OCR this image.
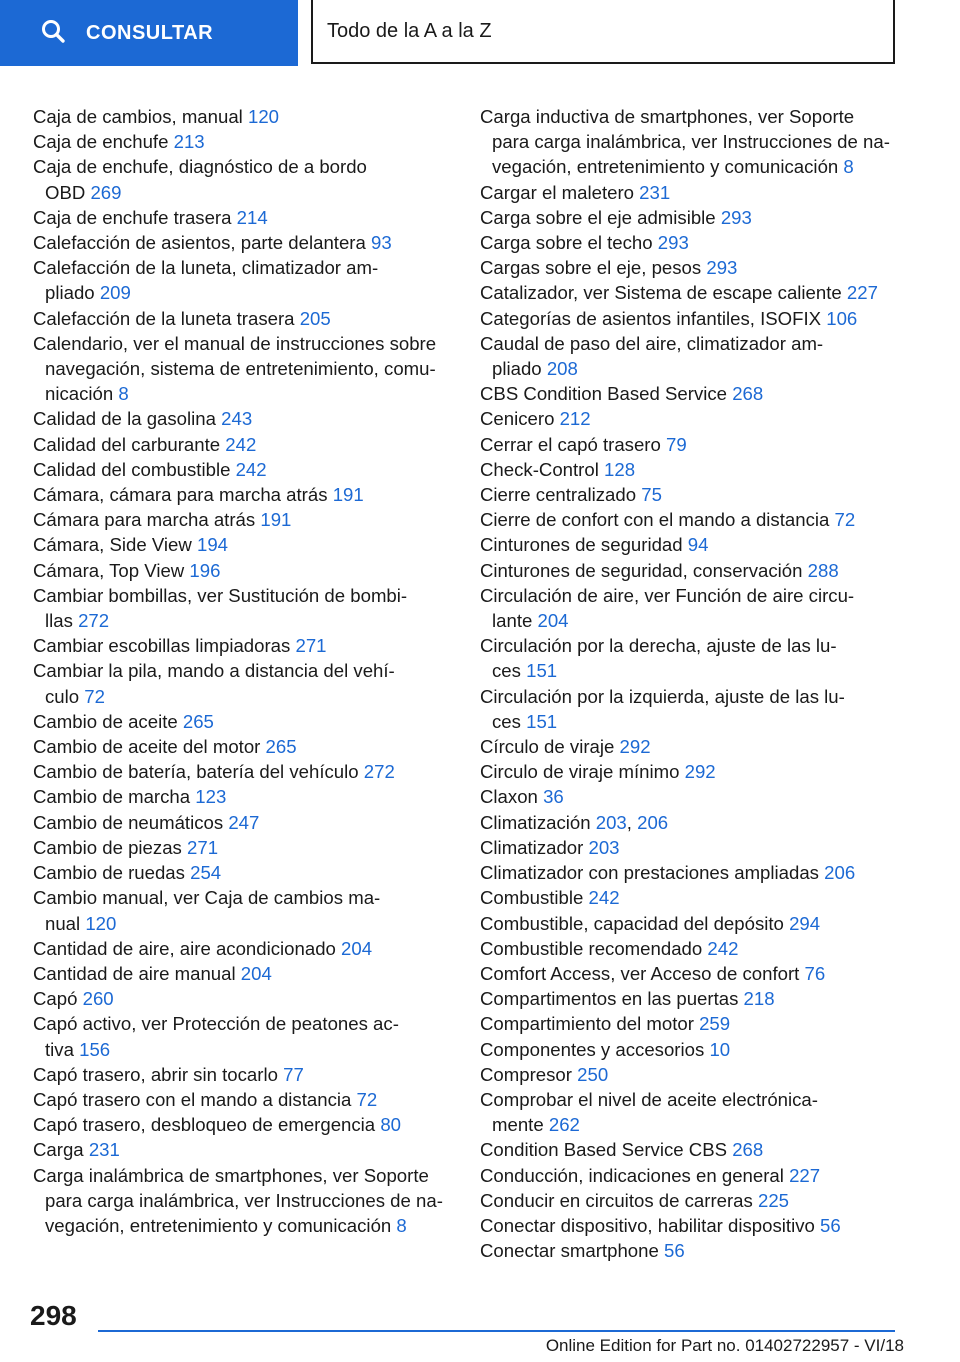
CONSULTAR	Todo de la A a la Z
Caja de cambios, manual 120
Caja de enchufe 213
Caja de enchufe, diagnóstico de a bordo
OBD 269
Caja de enchufe trasera 214
Calefacción de asientos, parte delantera 93
Calefacción de la luneta, climatizador am-
pliado 209
Calefacción de la luneta trasera 205
Calendario, ver el manual de instrucciones sobre
navegación, sistema de entretenimiento, comu-
nicación 8
Calidad de la gasolina 243
Calidad del carburante 242
Calidad del combustible 242
Cámara, cámara para marcha atrás 191
Cámara para marcha atrás 191
Cámara, Side View 194
Cámara, Top View 196
Cambiar bombillas, ver Sustitución de bombi-
llas 272
Cambiar escobillas limpiadoras 271
Cambiar la pila, mando a distancia del vehí-
culo 72
Cambio de aceite 265
Cambio de aceite del motor 265
Cambio de batería, batería del vehículo 272
Cambio de marcha 123
Cambio de neumáticos 247
Cambio de piezas 271
Cambio de ruedas 254
Cambio manual, ver Caja de cambios ma-
nual 120
Cantidad de aire, aire acondicionado 204
Cantidad de aire manual 204
Capó 260
Capó activo, ver Protección de peatones ac-
tiva 156
Capó trasero, abrir sin tocarlo 77
Capó trasero con el mando a distancia 72
Capó trasero, desbloqueo de emergencia 80
Carga 231
Carga inalámbrica de smartphones, ver Soporte
para carga inalámbrica, ver Instrucciones de na-
vegación, entretenimiento y comunicación 8
Carga inductiva de smartphones, ver Soporte
para carga inalámbrica, ver Instrucciones de na-
vegación, entretenimiento y comunicación 8
Cargar el maletero 231
Carga sobre el eje admisible 293
Carga sobre el techo 293
Cargas sobre el eje, pesos 293
Catalizador, ver Sistema de escape caliente 227
Categorías de asientos infantiles, ISOFIX 106
Caudal de paso del aire, climatizador am-
pliado 208
CBS Condition Based Service 268
Cenicero 212
Cerrar el capó trasero 79
Check-Control 128
Cierre centralizado 75
Cierre de confort con el mando a distancia 72
Cinturones de seguridad 94
Cinturones de seguridad, conservación 288
Circulación de aire, ver Función de aire circu-
lante 204
Circulación por la derecha, ajuste de las lu-
ces 151
Circulación por la izquierda, ajuste de las lu-
ces 151
Círculo de viraje 292
Circulo de viraje mínimo 292
Claxon 36
Climatización 203, 206
Climatizador 203
Climatizador con prestaciones ampliadas 206
Combustible 242
Combustible, capacidad del depósito 294
Combustible recomendado 242
Comfort Access, ver Acceso de confort 76
Compartimentos en las puertas 218
Compartimiento del motor 259
Componentes y accesorios 10
Compresor 250
Comprobar el nivel de aceite electrónica-
mente 262
Condition Based Service CBS 268
Conducción, indicaciones en general 227
Conducir en circuitos de carreras 225
Conectar dispositivo, habilitar dispositivo 56
Conectar smartphone 56
298
Online Edition for Part no. 01402722957 - VI/18
